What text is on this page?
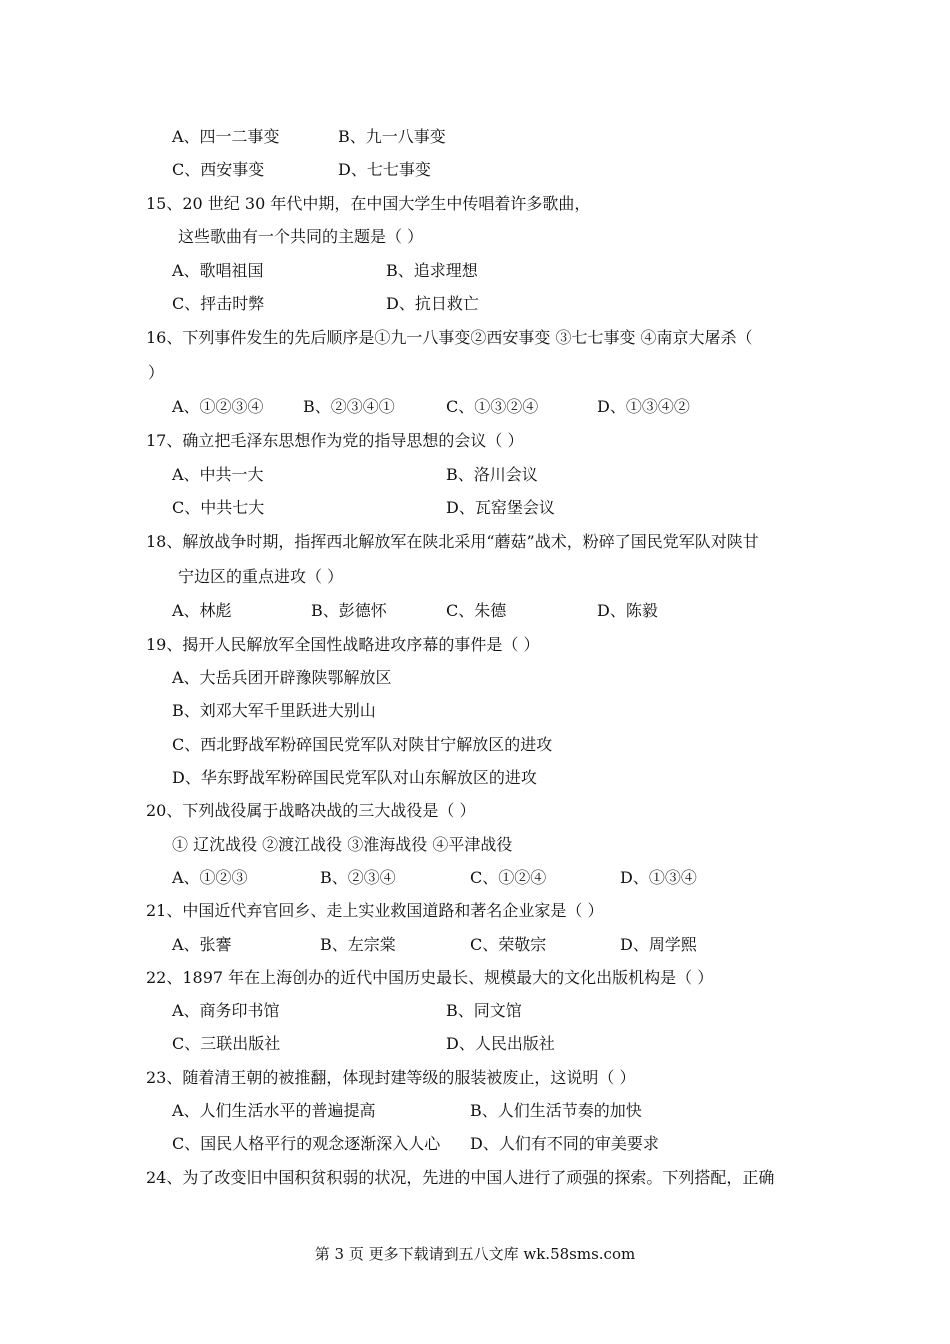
A、四一二事变	B、九一八事变
C、西安事变	D、七七事变
15、20 世纪 30 年代中期，在中国大学生中传唱着许多歌曲，
这些歌曲有一个共同的主题是（ ）
A、歌唱祖国	B、追求理想
C、抨击时弊	D、抗日救亡
16、下列事件发生的先后顺序是①九一八事变②西安事变 ③七七事变 ④南京大屠杀（
）
A、①②③④ B、②③④①	C、①③②④	D、①③④②
17、确立把毛泽东思想作为党的指导思想的会议（ ）
A、中共一大	B、洛川会议
C、中共七大	D、瓦窑堡会议
18、解放战争时期，指挥西北解放军在陕北采用“蘑菇”战术，粉碎了国民党军队对陕甘
宁边区的重点进攻（ ）
A、林彪	B、彭德怀	C、朱德	D、陈毅
19、揭开人民解放军全国性战略进攻序幕的事件是（ ）
A、大岳兵团开辟豫陕鄂解放区
B、刘邓大军千里跃进大别山
C、西北野战军粉碎国民党军队对陕甘宁解放区的进攻
D、华东野战军粉碎国民党军队对山东解放区的进攻
20、下列战役属于战略决战的三大战役是（ ）
① 辽沈战役 ②渡江战役 ③淮海战役 ④平津战役
A、①②③	B、②③④	C、①②④	D、①③④
21、中国近代弃官回乡、走上实业救国道路和著名企业家是（ ）
A、张謇	B、左宗棠	C、荣敬宗	D、周学熙
22、1897 年在上海创办的近代中国历史最长、规模最大的文化出版机构是（ ）
A、商务印书馆	B、同文馆
C、三联出版社	D、人民出版社
23、随着清王朝的被推翻，体现封建等级的服装被废止，这说明（ ）
A、人们生活水平的普遍提高	B、人们生活节奏的加快
C、国民人格平行的观念逐渐深入人心 D、人们有不同的审美要求
24、为了改变旧中国积贫积弱的状况，先进的中国人进行了顽强的探索。下列搭配，正确
第 3 页 更多下载请到五八文库 wk.58sms.com
